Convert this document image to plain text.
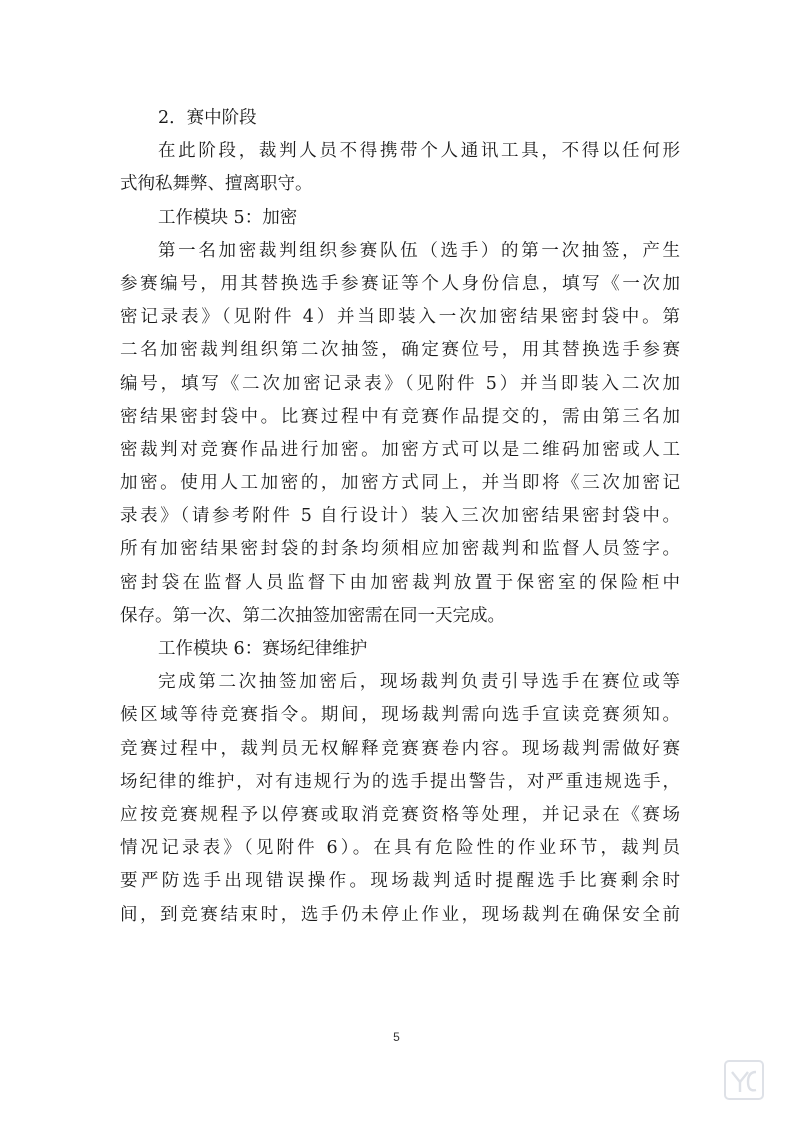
2．赛中阶段
在此阶段，裁判人员不得携带个人通讯工具，不得以任何形
式徇私舞弊、擅离职守。
工作模块 5：加密
第一名加密裁判组织参赛队伍（选手）的第一次抽签，产生
参赛编号，用其替换选手参赛证等个人身份信息，填写《一次加
密记录表》（见附件 4）并当即装入一次加密结果密封袋中。第
二名加密裁判组织第二次抽签，确定赛位号，用其替换选手参赛
编号，填写《二次加密记录表》（见附件 5）并当即装入二次加
密结果密封袋中。比赛过程中有竞赛作品提交的，需由第三名加
密裁判对竞赛作品进行加密。加密方式可以是二维码加密或人工
加密。使用人工加密的，加密方式同上，并当即将《三次加密记
录表》（请参考附件 5 自行设计）装入三次加密结果密封袋中。
所有加密结果密封袋的封条均须相应加密裁判和监督人员签字。
密封袋在监督人员监督下由加密裁判放置于保密室的保险柜中
保存。第一次、第二次抽签加密需在同一天完成。
工作模块 6：赛场纪律维护
完成第二次抽签加密后，现场裁判负责引导选手在赛位或等
候区域等待竞赛指令。期间，现场裁判需向选手宣读竞赛须知。
竞赛过程中，裁判员无权解释竞赛赛卷内容。现场裁判需做好赛
场纪律的维护，对有违规行为的选手提出警告，对严重违规选手，
应按竞赛规程予以停赛或取消竞赛资格等处理，并记录在《赛场
情况记录表》（见附件 6）。在具有危险性的作业环节，裁判员
要严防选手出现错误操作。现场裁判适时提醒选手比赛剩余时
间，到竞赛结束时，选手仍未停止作业，现场裁判在确保安全前
5
